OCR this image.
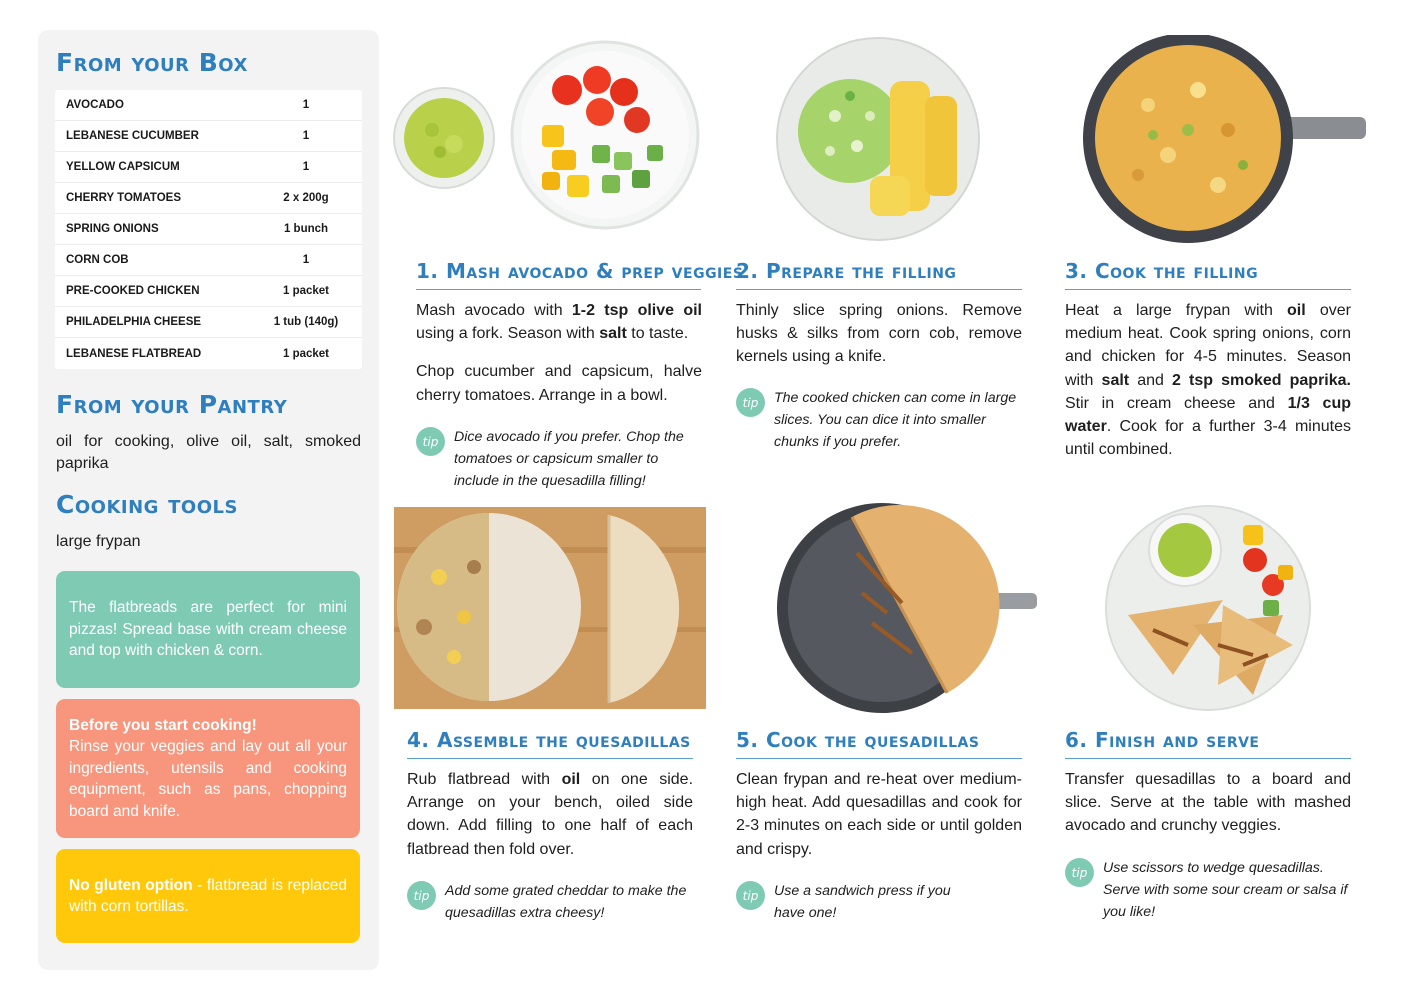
From your Box
AVOCADO	1
LEBANESE CUCUMBER	1
YELLOW CAPSICUM	1
CHERRY TOMATOES	2 x 200g
SPRING ONIONS	1 bunch
CORN COB	1
PRE-COOKED CHICKEN	1 packet
PHILADELPHIA CHEESE	1 tub (140g)
LEBANESE FLATBREAD	1 packet
From your Pantry
oil for cooking, olive oil, salt, smoked paprika
Cooking tools
large frypan
The flatbreads are perfect for mini pizzas! Spread base with cream cheese and top with chicken & corn.
Before you start cooking!
Rinse your veggies and lay out all your ingredients, utensils and cooking equipment, such as pans, chopping board and knife.
No gluten option - flatbread is replaced with corn tortillas.
1. Mash avocado & prep veggies

Mash avocado with 1-2 tsp olive oil using a fork. Season with salt to taste.

Chop cucumber and capsicum, halve cherry tomatoes. Arrange in a bowl.

tip	Dice avocado if you prefer. Chop the tomatoes or capsicum smaller to include in the quesadilla filling!
2. Prepare the filling

Thinly slice spring onions. Remove husks & silks from corn cob, remove kernels using a knife.

tip	The cooked chicken can come in large slices. You can dice it into smaller chunks if you prefer.
3. Cook the filling

Heat a large frypan with oil over medium heat. Cook spring onions, corn and chicken for 4-5 minutes. Season with salt and 2 tsp smoked paprika. Stir in cream cheese and 1/3 cup water. Cook for a further 3-4 minutes until combined.

4. Assemble the quesadillas

Rub flatbread with oil on one side. Arrange on your bench, oiled side down. Add filling to one half of each flatbread then fold over.

tip	Add some grated cheddar to make the quesadillas extra cheesy!
5. Cook the quesadillas

Clean frypan and re-heat over medium-high heat. Add quesadillas and cook for 2-3 minutes on each side or until golden and crispy.

tip	Use a sandwich press if you have one!
6. Finish and serve

Transfer quesadillas to a board and slice. Serve at the table with mashed avocado and crunchy veggies.

tip	Use scissors to wedge quesadillas. Serve with some sour cream or salsa if you like!
